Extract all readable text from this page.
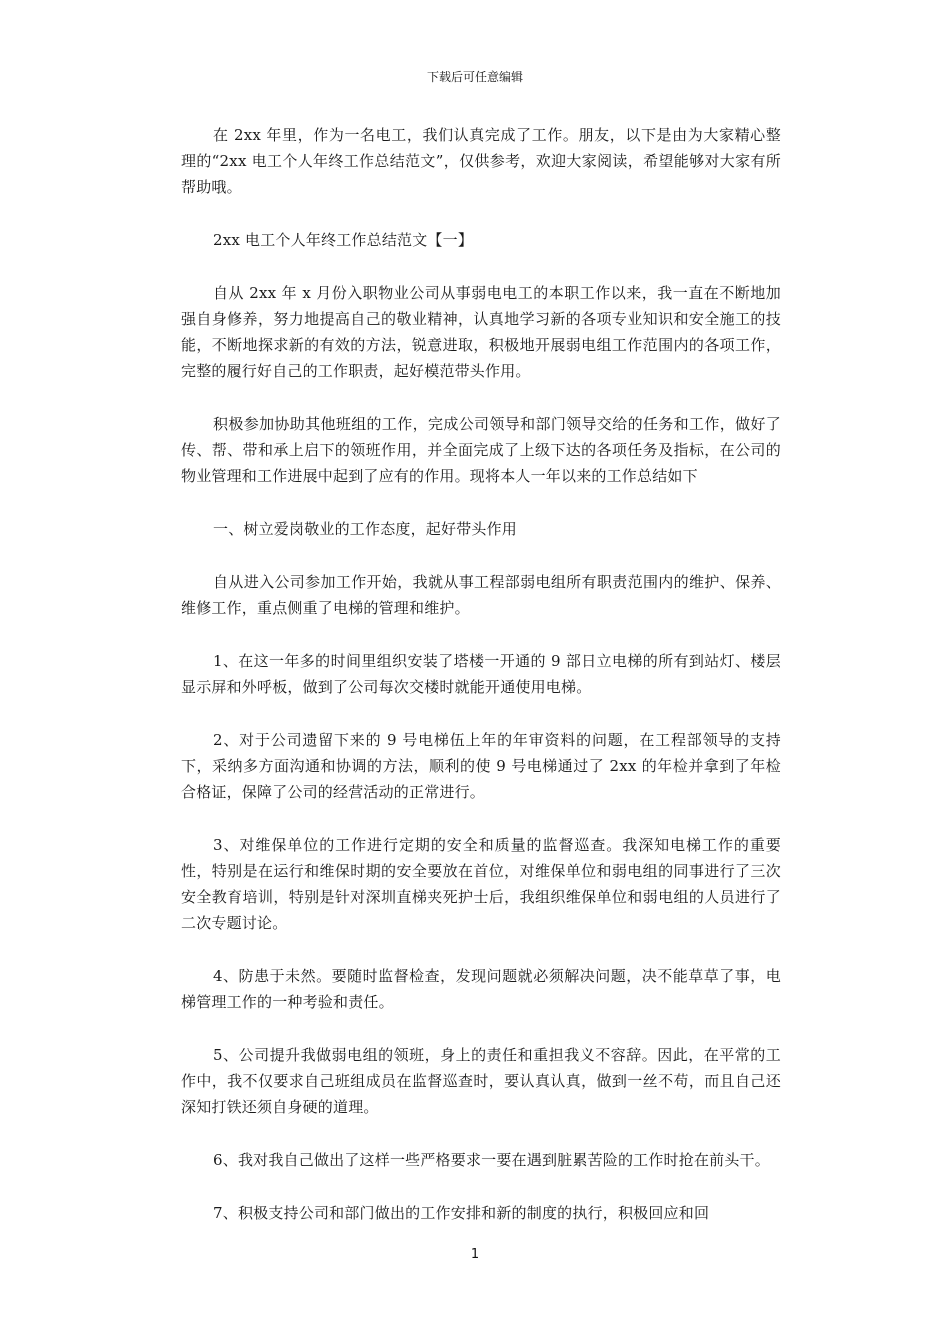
下载后可任意编辑

在 2xx 年里，作为一名电工，我们认真完成了工作。朋友，以下是由为大家精心整理的“2xx 电工个人年终工作总结范文”，仅供参考，欢迎大家阅读，希望能够对大家有所帮助哦。

2xx 电工个人年终工作总结范文【一】

自从 2xx 年 x 月份入职物业公司从事弱电电工的本职工作以来，我一直在不断地加强自身修养，努力地提高自己的敬业精神，认真地学习新的各项专业知识和安全施工的技能，不断地探求新的有效的方法，锐意进取，积极地开展弱电组工作范围内的各项工作，完整的履行好自己的工作职责，起好模范带头作用。

积极参加协助其他班组的工作，完成公司领导和部门领导交给的任务和工作，做好了传、帮、带和承上启下的领班作用，并全面完成了上级下达的各项任务及指标，在公司的物业管理和工作进展中起到了应有的作用。现将本人一年以来的工作总结如下

一、树立爱岗敬业的工作态度，起好带头作用

自从进入公司参加工作开始，我就从事工程部弱电组所有职责范围内的维护、保养、维修工作，重点侧重了电梯的管理和维护。

1、在这一年多的时间里组织安装了塔楼一开通的 9 部日立电梯的所有到站灯、楼层显示屏和外呼板，做到了公司每次交楼时就能开通使用电梯。

2、对于公司遗留下来的 9 号电梯伍上年的年审资料的问题，在工程部领导的支持下，采纳多方面沟通和协调的方法，顺利的使 9 号电梯通过了 2xx 的年检并拿到了年检合格证，保障了公司的经营活动的正常进行。

3、对维保单位的工作进行定期的安全和质量的监督巡查。我深知电梯工作的重要性，特别是在运行和维保时期的安全要放在首位，对维保单位和弱电组的同事进行了三次安全教育培训，特别是针对深圳直梯夹死护士后，我组织维保单位和弱电组的人员进行了二次专题讨论。

4、防患于未然。要随时监督检查，发现问题就必须解决问题，决不能草草了事，电梯管理工作的一种考验和责任。

5、公司提升我做弱电组的领班，身上的责任和重担我义不容辞。因此，在平常的工作中，我不仅要求自己班组成员在监督巡查时，要认真认真，做到一丝不苟，而且自己还深知打铁还须自身硬的道理。

6、我对我自己做出了这样一些严格要求一要在遇到脏累苦险的工作时抢在前头干。

7、积极支持公司和部门做出的工作安排和新的制度的执行，积极回应和回

1
